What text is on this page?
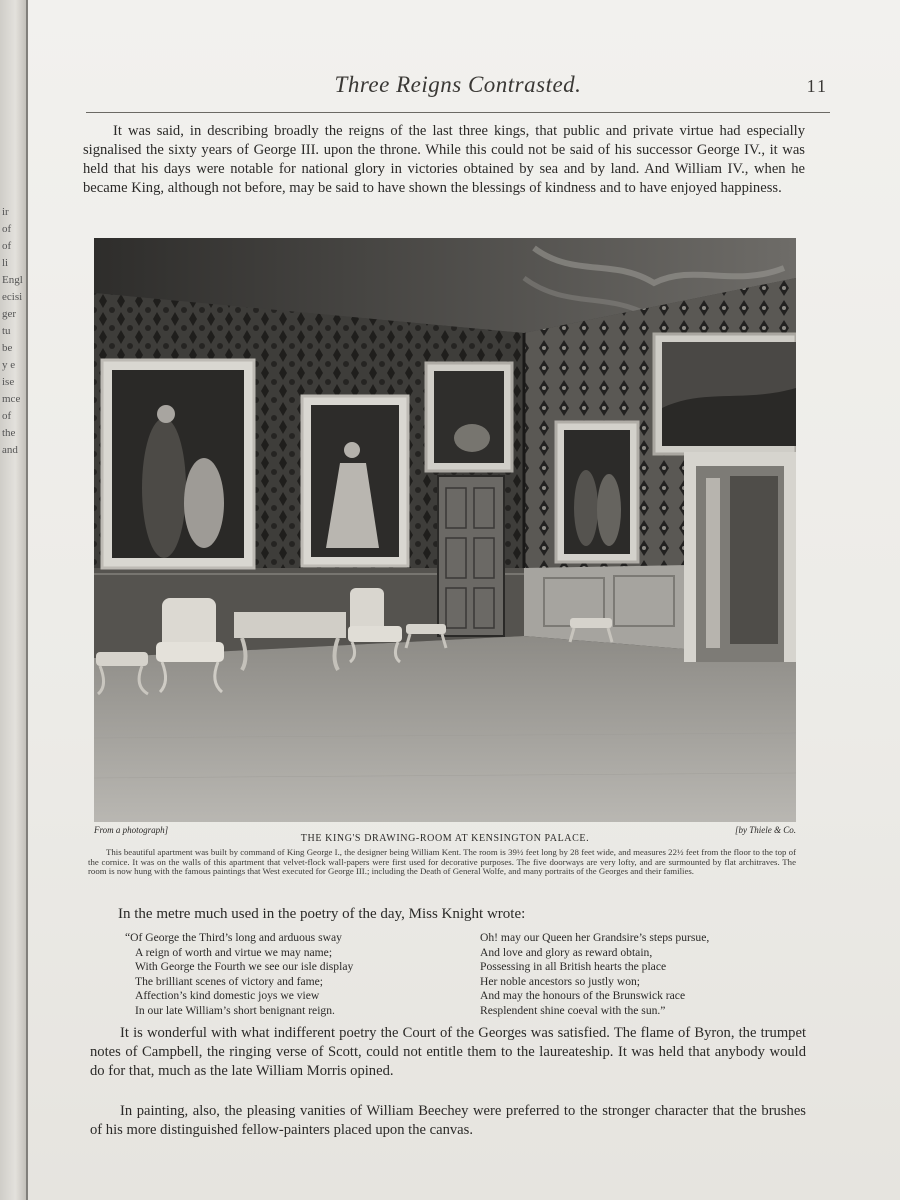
ir
of
of
li
Engl
ecisi
ger
tu
be
y e
ise
mce
of
the
and
Three Reigns Contrasted.	11

It was said, in describing broadly the reigns of the last three kings, that public and private virtue had especially signalised the sixty years of George III. upon the throne. While this could not be said of his successor George IV., it was held that his days were notable for national glory in victories obtained by sea and by land. And William IV., when he became King, although not before, may be said to have shown the blessings of kindness and to have enjoyed happiness.

From a photograph]
THE KING'S DRAWING-ROOM AT KENSINGTON PALACE.
[by Thiele & Co.

This beautiful apartment was built by command of King George I., the designer being William Kent. The room is 39½ feet long by 28 feet wide, and measures 22½ feet from the floor to the top of the cornice. It was on the walls of this apartment that velvet-flock wall-papers were first used for decorative purposes. The five doorways are very lofty, and are surmounted by flat architraves. The room is now hung with the famous paintings that West executed for George III.; including the Death of General Wolfe, and many portraits of the Georges and their families.

In the metre much used in the poetry of the day, Miss Knight wrote:

“Of George the Third’s long and arduous sway
A reign of worth and virtue we may name;
With George the Fourth we see our isle display
The brilliant scenes of victory and fame;
Affection’s kind domestic joys we view
In our late William’s short benignant reign.
Oh! may our Queen her Grandsire’s steps pursue,
And love and glory as reward obtain,
Possessing in all British hearts the place
Her noble ancestors so justly won;
And may the honours of the Brunswick race
Resplendent shine coeval with the sun.”

It is wonderful with what indifferent poetry the Court of the Georges was satisfied. The flame of Byron, the trumpet notes of Campbell, the ringing verse of Scott, could not entitle them to the laureateship. It was held that anybody would do for that, much as the late William Morris opined.

In painting, also, the pleasing vanities of William Beechey were preferred to the stronger character that the brushes of his more distinguished fellow-painters placed upon the canvas.
